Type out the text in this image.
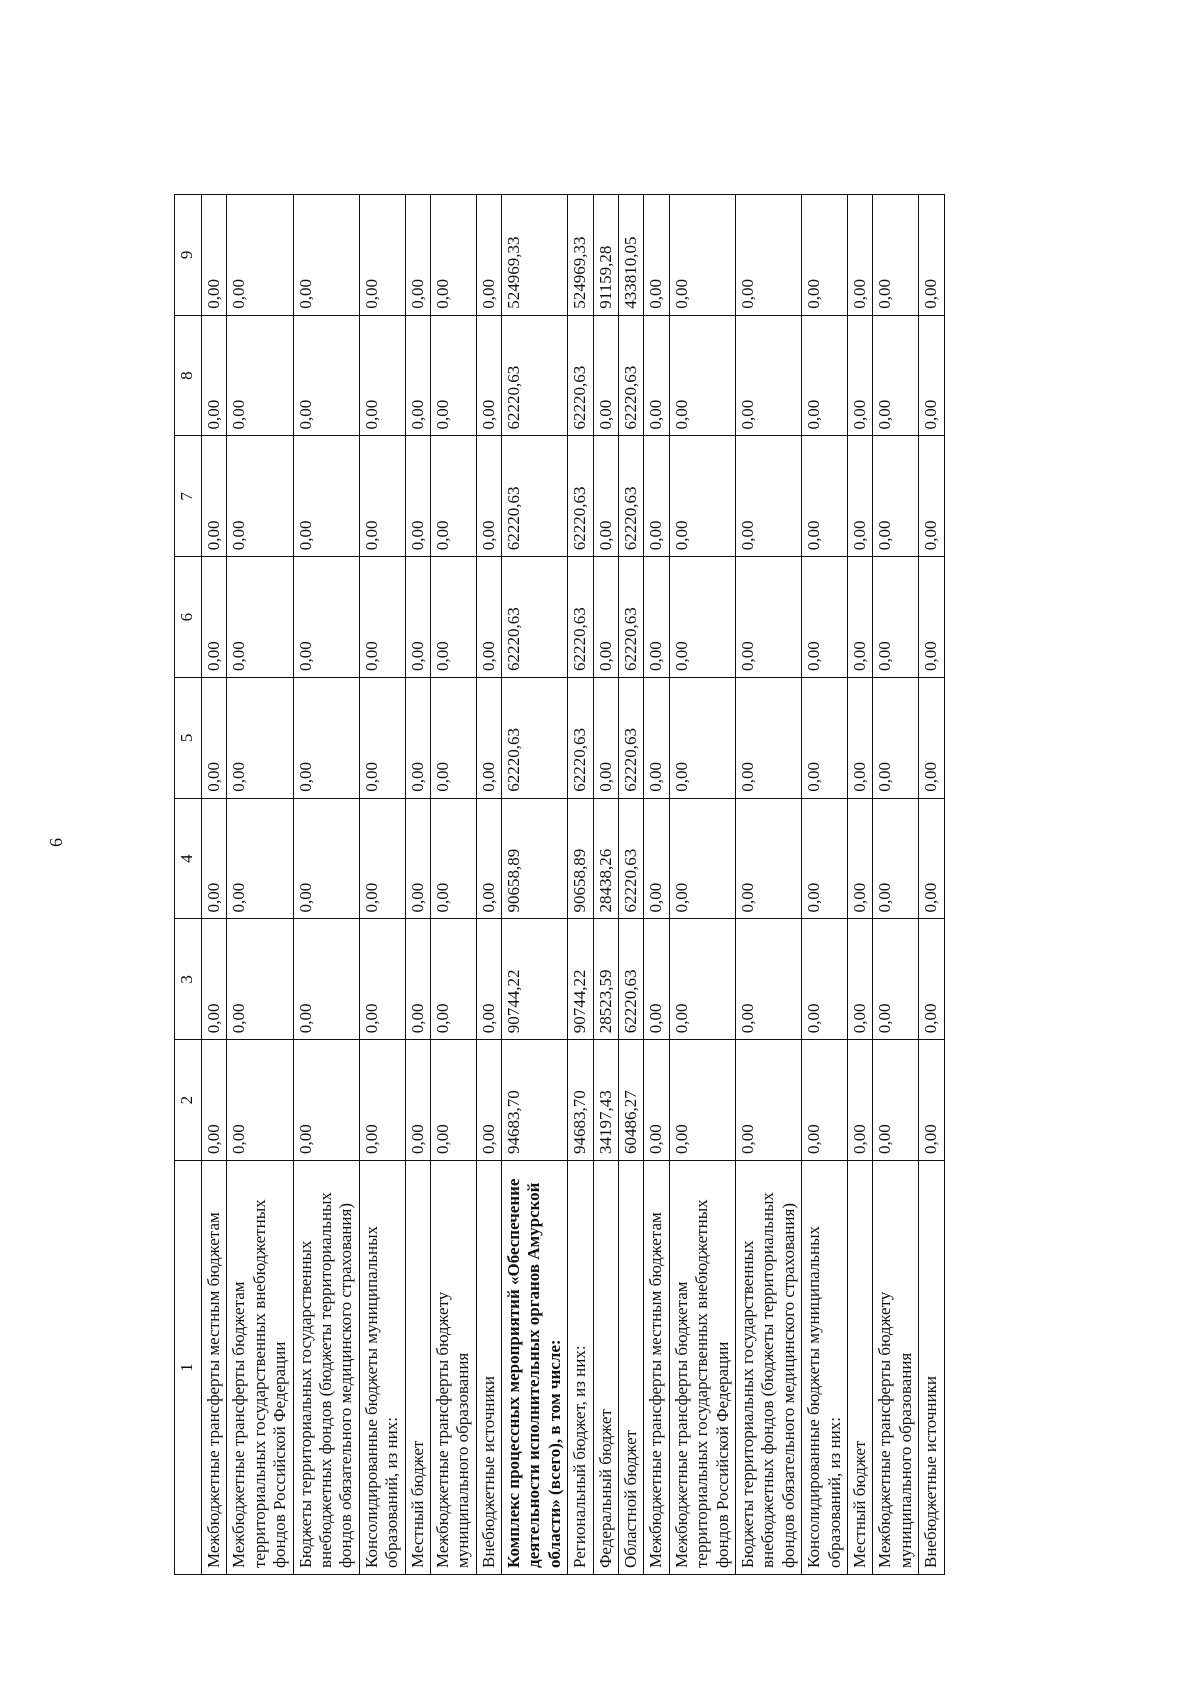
6
1	2	3	4	5	6	7	8	9
Межбюджетные трансферты местным бюджетам	0,00	0,00	0,00	0,00	0,00	0,00	0,00	0,00
Межбюджетные трансферты бюджетам территориальных государственных внебюджетных фондов Российской Федерации	0,00	0,00	0,00	0,00	0,00	0,00	0,00	0,00
Бюджеты территориальных государственных внебюджетных фондов (бюджеты территориальных фондов обязательного медицинского страхования)	0,00	0,00	0,00	0,00	0,00	0,00	0,00	0,00
Консолидированные бюджеты муниципальных образований, из них:	0,00	0,00	0,00	0,00	0,00	0,00	0,00	0,00
Местный бюджет	0,00	0,00	0,00	0,00	0,00	0,00	0,00	0,00
Межбюджетные трансферты бюджету муниципального образования	0,00	0,00	0,00	0,00	0,00	0,00	0,00	0,00
Внебюджетные источники	0,00	0,00	0,00	0,00	0,00	0,00	0,00	0,00
Комплекс процессных мероприятий «Обеспечение деятельности исполнительных органов Амурской области» (всего), в том числе:	94683,70	90744,22	90658,89	62220,63	62220,63	62220,63	62220,63	524969,33
Региональный бюджет, из них:	94683,70	90744,22	90658,89	62220,63	62220,63	62220,63	62220,63	524969,33
Федеральный бюджет	34197,43	28523,59	28438,26	0,00	0,00	0,00	0,00	91159,28
Областной бюджет	60486,27	62220,63	62220,63	62220,63	62220,63	62220,63	62220,63	433810,05
Межбюджетные трансферты местным бюджетам	0,00	0,00	0,00	0,00	0,00	0,00	0,00	0,00
Межбюджетные трансферты бюджетам территориальных государственных внебюджетных фондов Российской Федерации	0,00	0,00	0,00	0,00	0,00	0,00	0,00	0,00
Бюджеты территориальных государственных внебюджетных фондов (бюджеты территориальных фондов обязательного медицинского страхования)	0,00	0,00	0,00	0,00	0,00	0,00	0,00	0,00
Консолидированные бюджеты муниципальных образований, из них:	0,00	0,00	0,00	0,00	0,00	0,00	0,00	0,00
Местный бюджет	0,00	0,00	0,00	0,00	0,00	0,00	0,00	0,00
Межбюджетные трансферты бюджету муниципального образования	0,00	0,00	0,00	0,00	0,00	0,00	0,00	0,00
Внебюджетные источники	0,00	0,00	0,00	0,00	0,00	0,00	0,00	0,00
